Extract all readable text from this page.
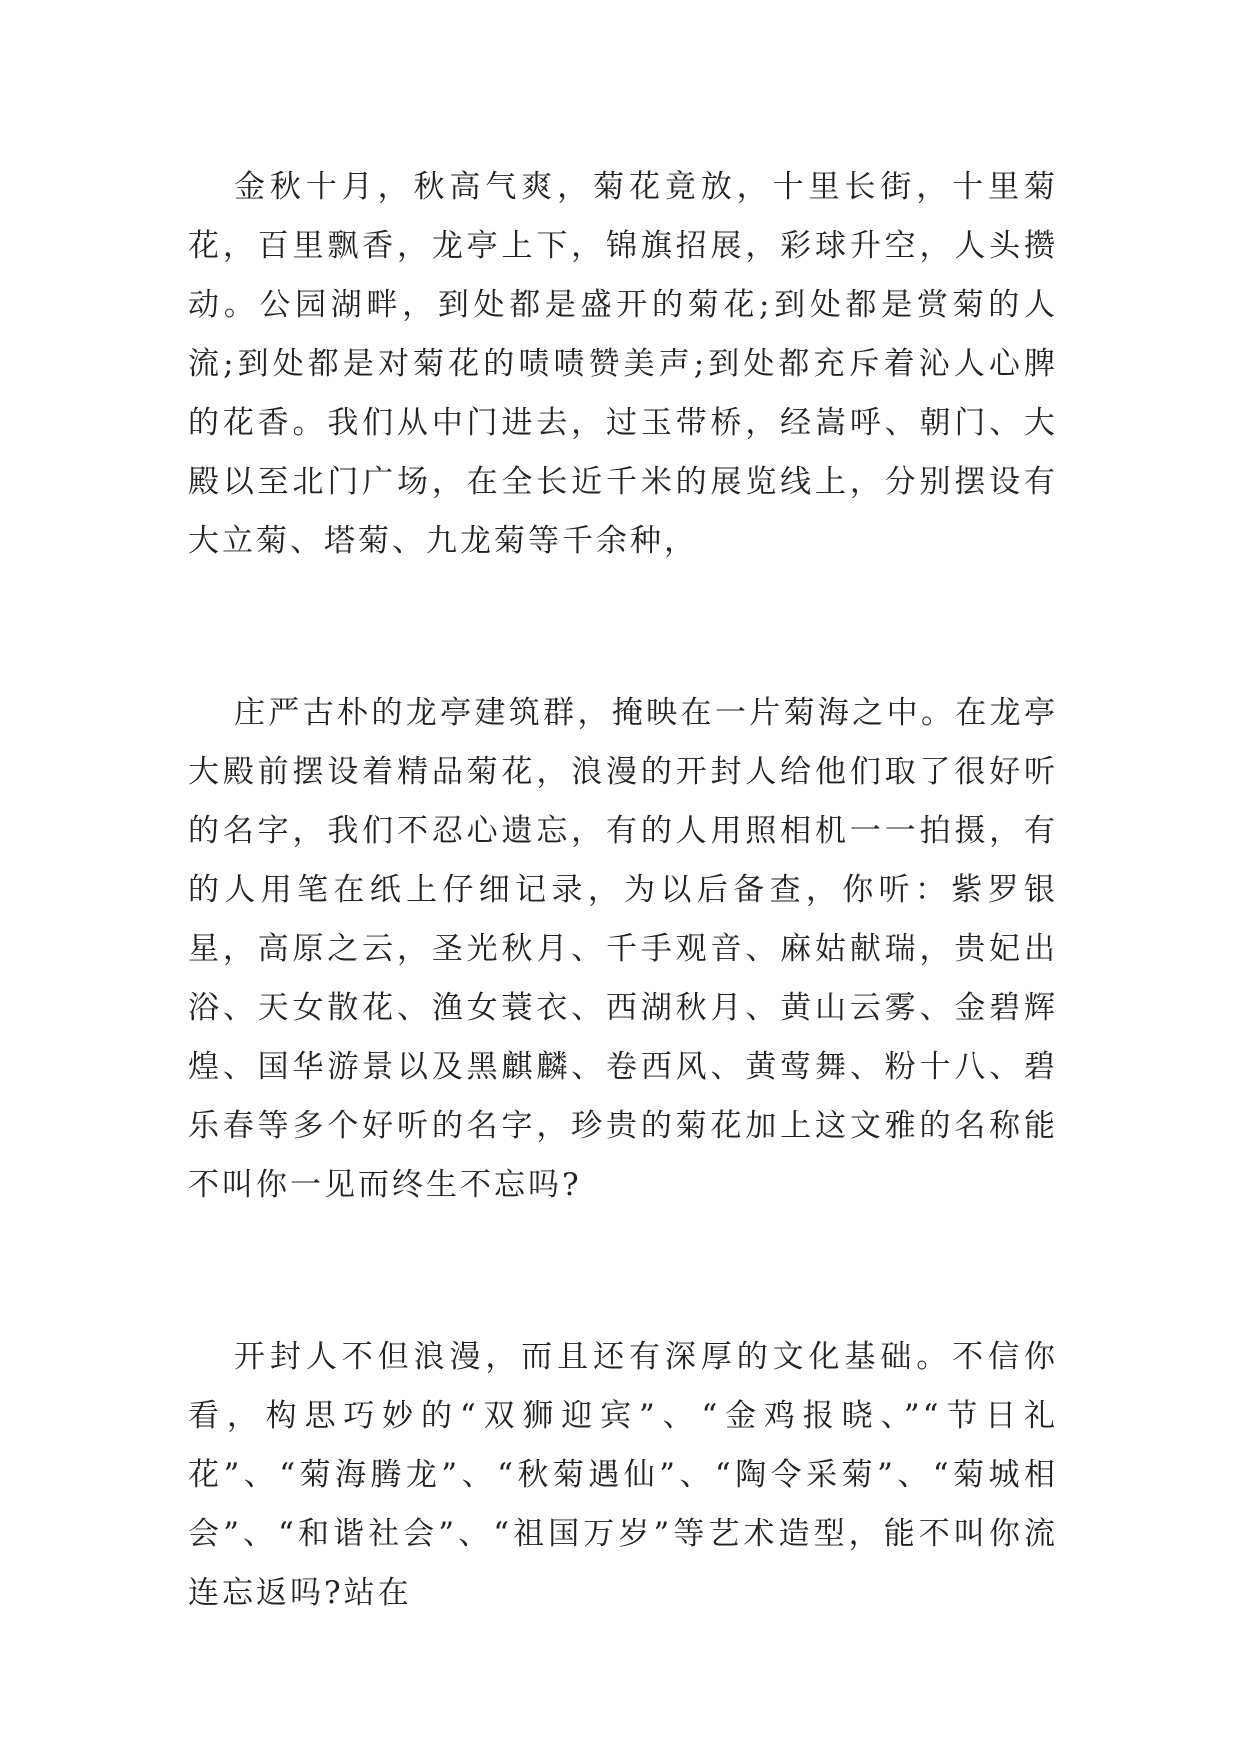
金秋十月，秋高气爽，菊花竟放，十里长街，十里菊花，百里飘香，龙亭上下，锦旗招展，彩球升空，人头攒动。公园湖畔，到处都是盛开的菊花;到处都是赏菊的人流;到处都是对菊花的啧啧赞美声;到处都充斥着沁人心脾的花香。我们从中门进去，过玉带桥，经嵩呼、朝门、大殿以至北门广场，在全长近千米的展览线上，分别摆设有大立菊、塔菊、九龙菊等千余种，

庄严古朴的龙亭建筑群，掩映在一片菊海之中。在龙亭大殿前摆设着精品菊花，浪漫的开封人给他们取了很好听的名字，我们不忍心遗忘，有的人用照相机一一拍摄，有的人用笔在纸上仔细记录，为以后备查，你听：紫罗银星，高原之云，圣光秋月、千手观音、麻姑献瑞，贵妃出浴、天女散花、渔女蓑衣、西湖秋月、黄山云雾、金碧辉煌、国华游景以及黑麒麟、卷西风、黄莺舞、粉十八、碧乐春等多个好听的名字，珍贵的菊花加上这文雅的名称能不叫你一见而终生不忘吗?

开封人不但浪漫，而且还有深厚的文化基础。不信你看，构思巧妙的“双狮迎宾”、“金鸡报晓、”“节日礼花”、“菊海腾龙”、“秋菊遇仙”、“陶令采菊”、“菊城相会”、“和谐社会”、“祖国万岁”等艺术造型，能不叫你流连忘返吗?站在
